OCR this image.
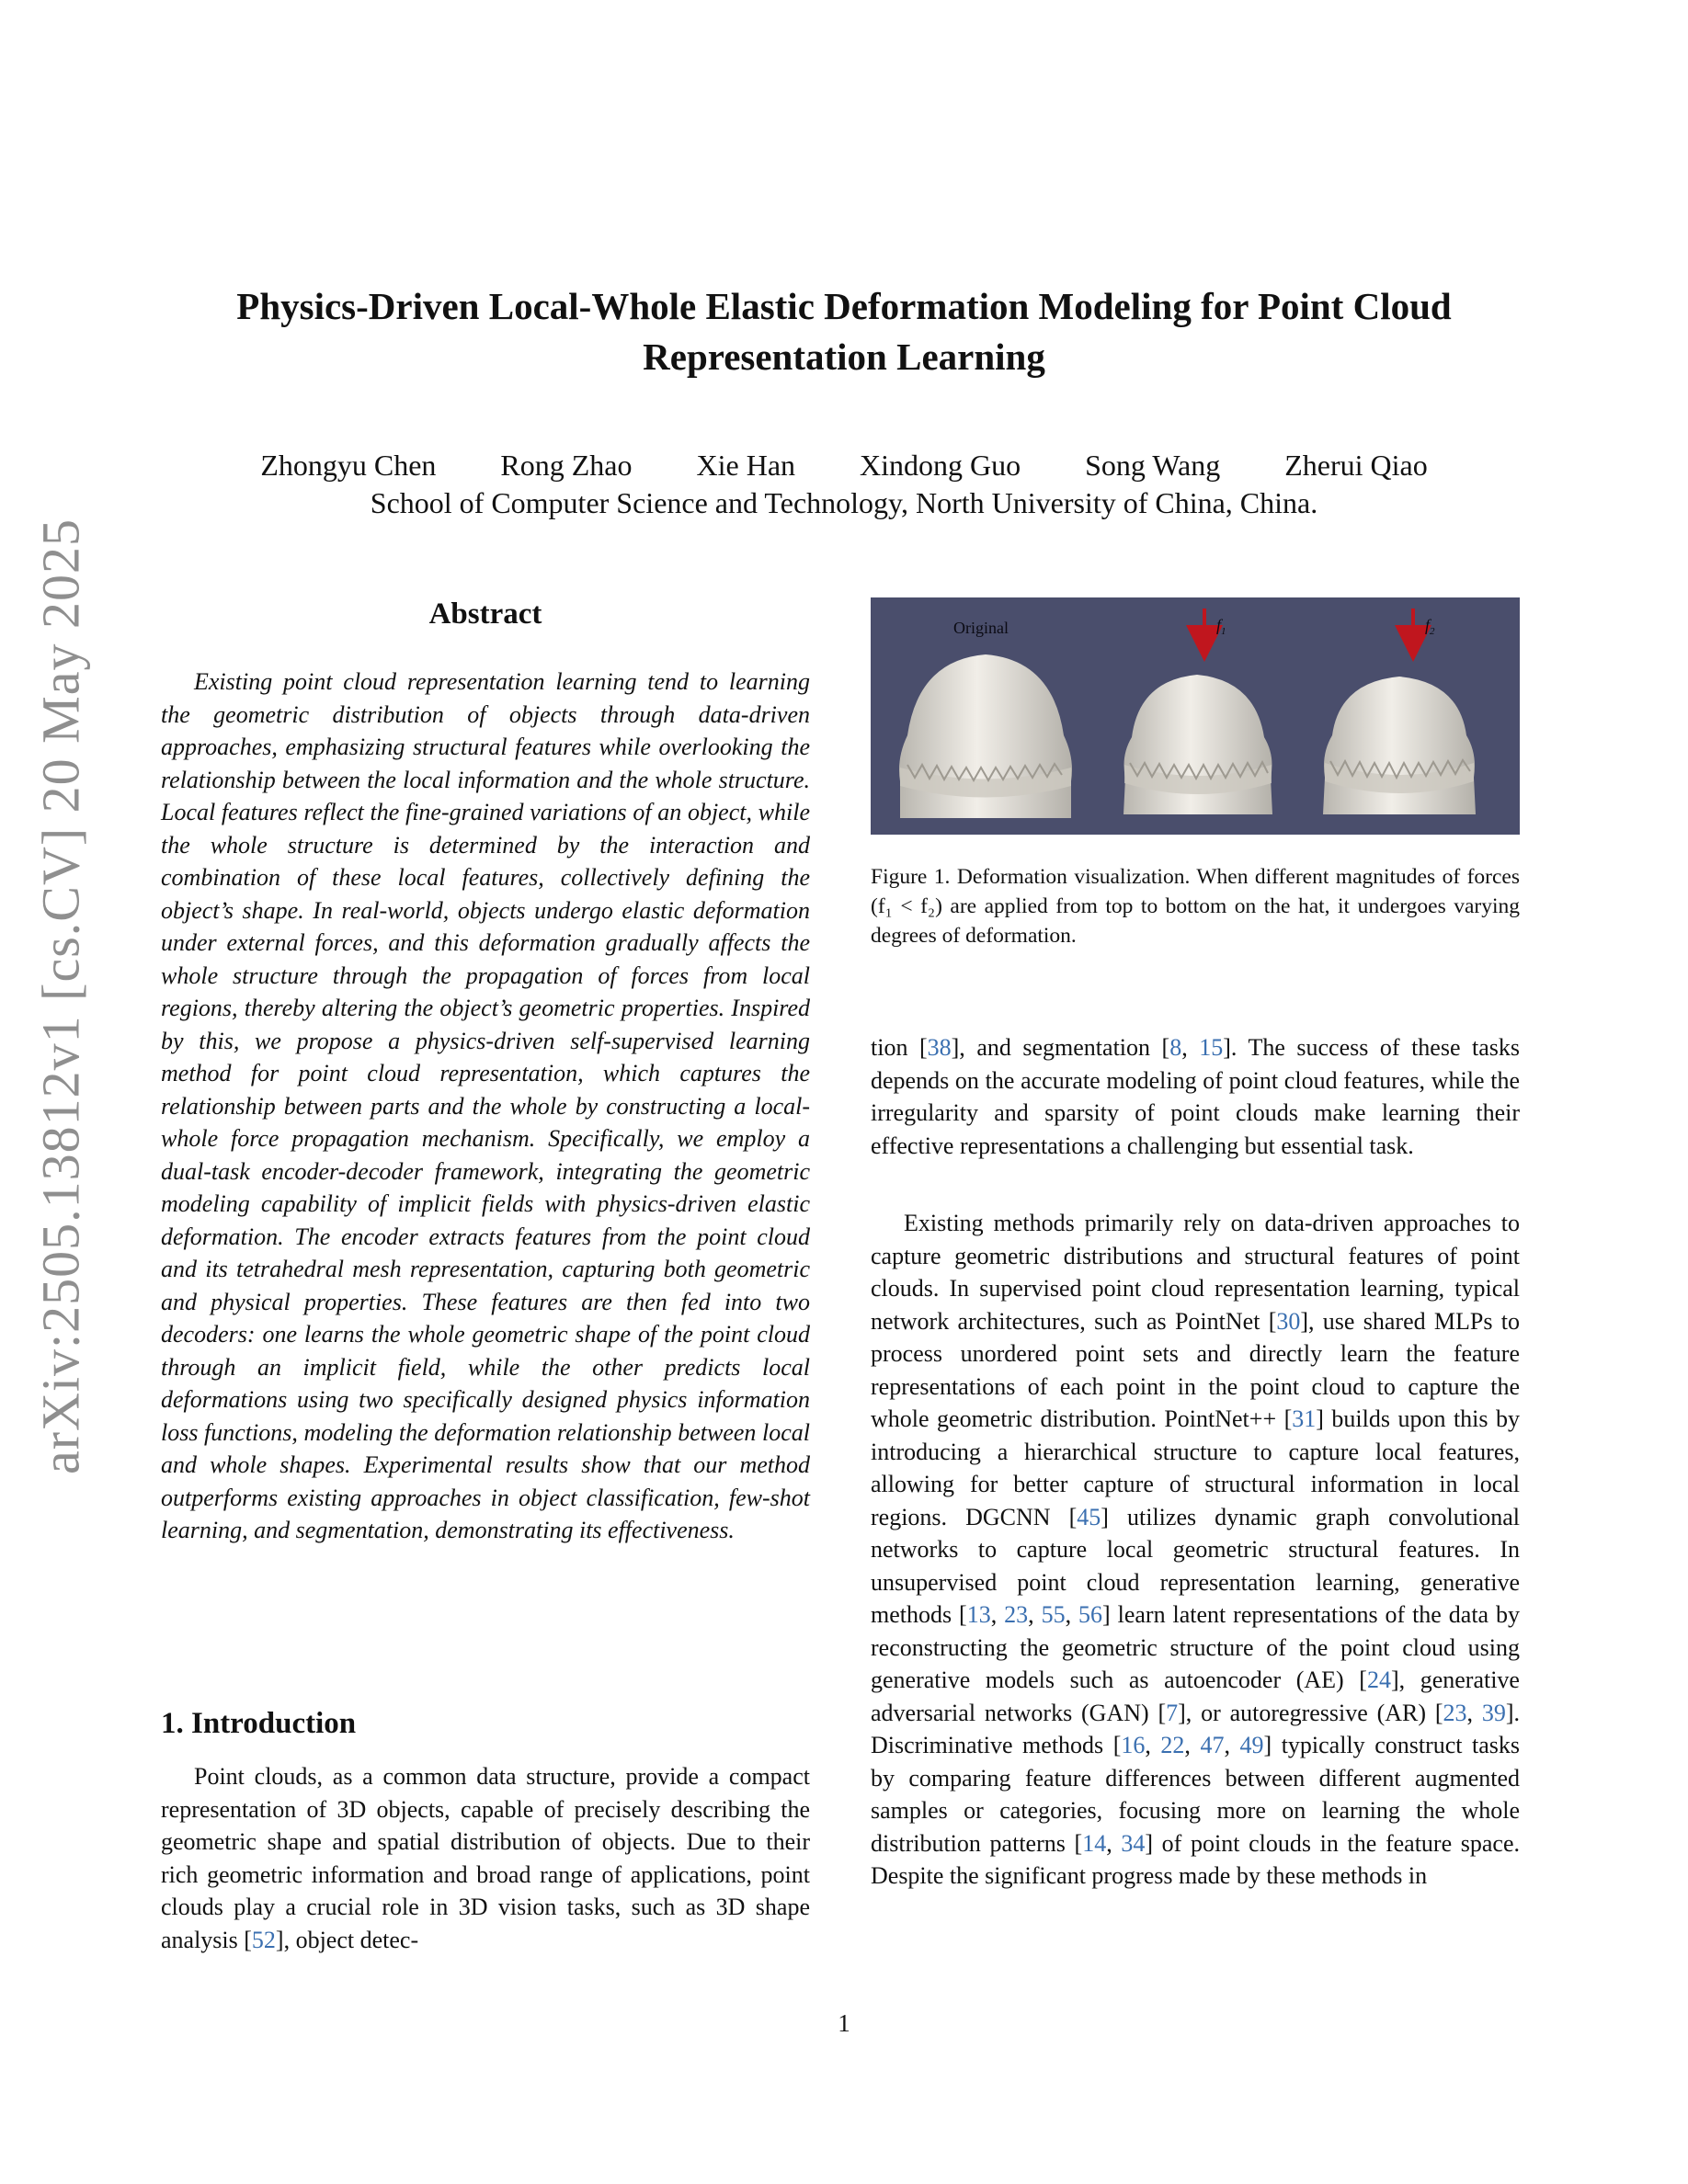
arXiv:2505.13812v1 [cs.CV] 20 May 2025
Physics-Driven Local-Whole Elastic Deformation Modeling for Point Cloud Representation Learning
Zhongyu Chen Rong Zhao Xie Han Xindong Guo Song Wang Zherui Qiao
School of Computer Science and Technology, North University of China, China.
Abstract

Existing point cloud representation learning tend to learning the geometric distribution of objects through data-driven approaches, emphasizing structural features while overlooking the relationship between the local information and the whole structure. Local features reflect the fine-grained variations of an object, while the whole structure is determined by the interaction and combination of these local features, collectively defining the object’s shape. In real-world, objects undergo elastic deformation under external forces, and this deformation gradually affects the whole structure through the propagation of forces from local regions, thereby altering the object’s geometric properties. Inspired by this, we propose a physics-driven self-supervised learning method for point cloud representation, which captures the relationship between parts and the whole by constructing a local-whole force propagation mechanism. Specifically, we employ a dual-task encoder-decoder framework, integrating the geometric modeling capability of implicit fields with physics-driven elastic deformation. The encoder extracts features from the point cloud and its tetrahedral mesh representation, capturing both geometric and physical properties. These features are then fed into two decoders: one learns the whole geometric shape of the point cloud through an implicit field, while the other predicts local deformations using two specifically designed physics information loss functions, modeling the deformation relationship between local and whole shapes. Experimental results show that our method outperforms existing approaches in object classification, few-shot learning, and segmentation, demonstrating its effectiveness.

1. Introduction

Point clouds, as a common data structure, provide a compact representation of 3D objects, capable of precisely describing the geometric shape and spatial distribution of objects. Due to their rich geometric information and broad range of applications, point clouds play a crucial role in 3D vision tasks, such as 3D shape analysis [52], object detec-

Original	$f_1$	$f_2$

Figure 1. Deformation visualization. When different magnitudes of forces (f₁ < f₂) are applied from top to bottom on the hat, it undergoes varying degrees of deformation.

tion [38], and segmentation [8, 15]. The success of these tasks depends on the accurate modeling of point cloud features, while the irregularity and sparsity of point clouds make learning their effective representations a challenging but essential task.

Existing methods primarily rely on data-driven approaches to capture geometric distributions and structural features of point clouds. In supervised point cloud representation learning, typical network architectures, such as PointNet [30], use shared MLPs to process unordered point sets and directly learn the feature representations of each point in the point cloud to capture the whole geometric distribution. PointNet++ [31] builds upon this by introducing a hierarchical structure to capture local features, allowing for better capture of structural information in local regions. DGCNN [45] utilizes dynamic graph convolutional networks to capture local geometric structural features. In unsupervised point cloud representation learning, generative methods [13, 23, 55, 56] learn latent representations of the data by reconstructing the geometric structure of the point cloud using generative models such as autoencoder (AE) [24], generative adversarial networks (GAN) [7], or autoregressive (AR) [23, 39]. Discriminative methods [16, 22, 47, 49] typically construct tasks by comparing feature differences between different augmented samples or categories, focusing more on learning the whole distribution patterns [14, 34] of point clouds in the feature space. Despite the significant progress made by these methods in

1
